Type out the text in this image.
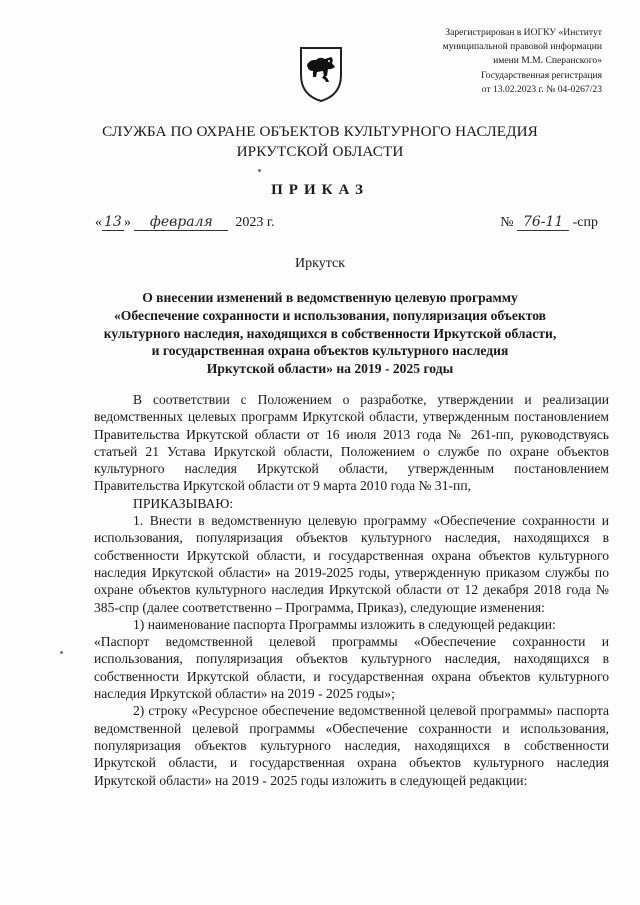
Зарегистрирован в ИОГКУ «Институт
муниципальной правовой информации
имени М.М. Сперанского»
Государственная регистрация
от 13.02.2023 г. № 04-0267/23
СЛУЖБА ПО ОХРАНЕ ОБЪЕКТОВ КУЛЬТУРНОГО НАСЛЕДИЯ
ИРКУТСКОЙ ОБЛАСТИ
ПРИКАЗ
« 13 » февраля 2023 г.	№ 76-11 -спр
Иркутск
О внесении изменений в ведомственную целевую программу
«Обеспечение сохранности и использования, популяризация объектов
культурного наследия, находящихся в собственности Иркутской области,
и государственная охрана объектов культурного наследия
Иркутской области» на 2019 - 2025 годы

В соответствии с Положением о разработке, утверждении и реализации ведомственных целевых программ Иркутской области, утвержденным постановлением Правительства Иркутской области от 16 июля 2013 года № 261-пп, руководствуясь статьей 21 Устава Иркутской области, Положением о службе по охране объектов культурного наследия Иркутской области, утвержденным постановлением Правительства Иркутской области от 9 марта 2010 года № 31-пп,

ПРИКАЗЫВАЮ:

1. Внести в ведомственную целевую программу «Обеспечение сохранности и использования, популяризация объектов культурного наследия, находящихся в собственности Иркутской области, и государственная охрана объектов культурного наследия Иркутской области» на 2019-2025 годы, утвержденную приказом службы по охране объектов культурного наследия Иркутской области от 12 декабря 2018 года № 385-спр (далее соответственно – Программа, Приказ), следующие изменения:

1) наименование паспорта Программы изложить в следующей редакции:

«Паспорт ведомственной целевой программы «Обеспечение сохранности и использования, популяризация объектов культурного наследия, находящихся в собственности Иркутской области, и государственная охрана объектов культурного наследия Иркутской области» на 2019 - 2025 годы»;

2) строку «Ресурсное обеспечение ведомственной целевой программы» паспорта ведомственной целевой программы «Обеспечение сохранности и использования, популяризация объектов культурного наследия, находящихся в собственности Иркутской области, и государственная охрана объектов культурного наследия Иркутской области» на 2019 - 2025 годы изложить в следующей редакции:
